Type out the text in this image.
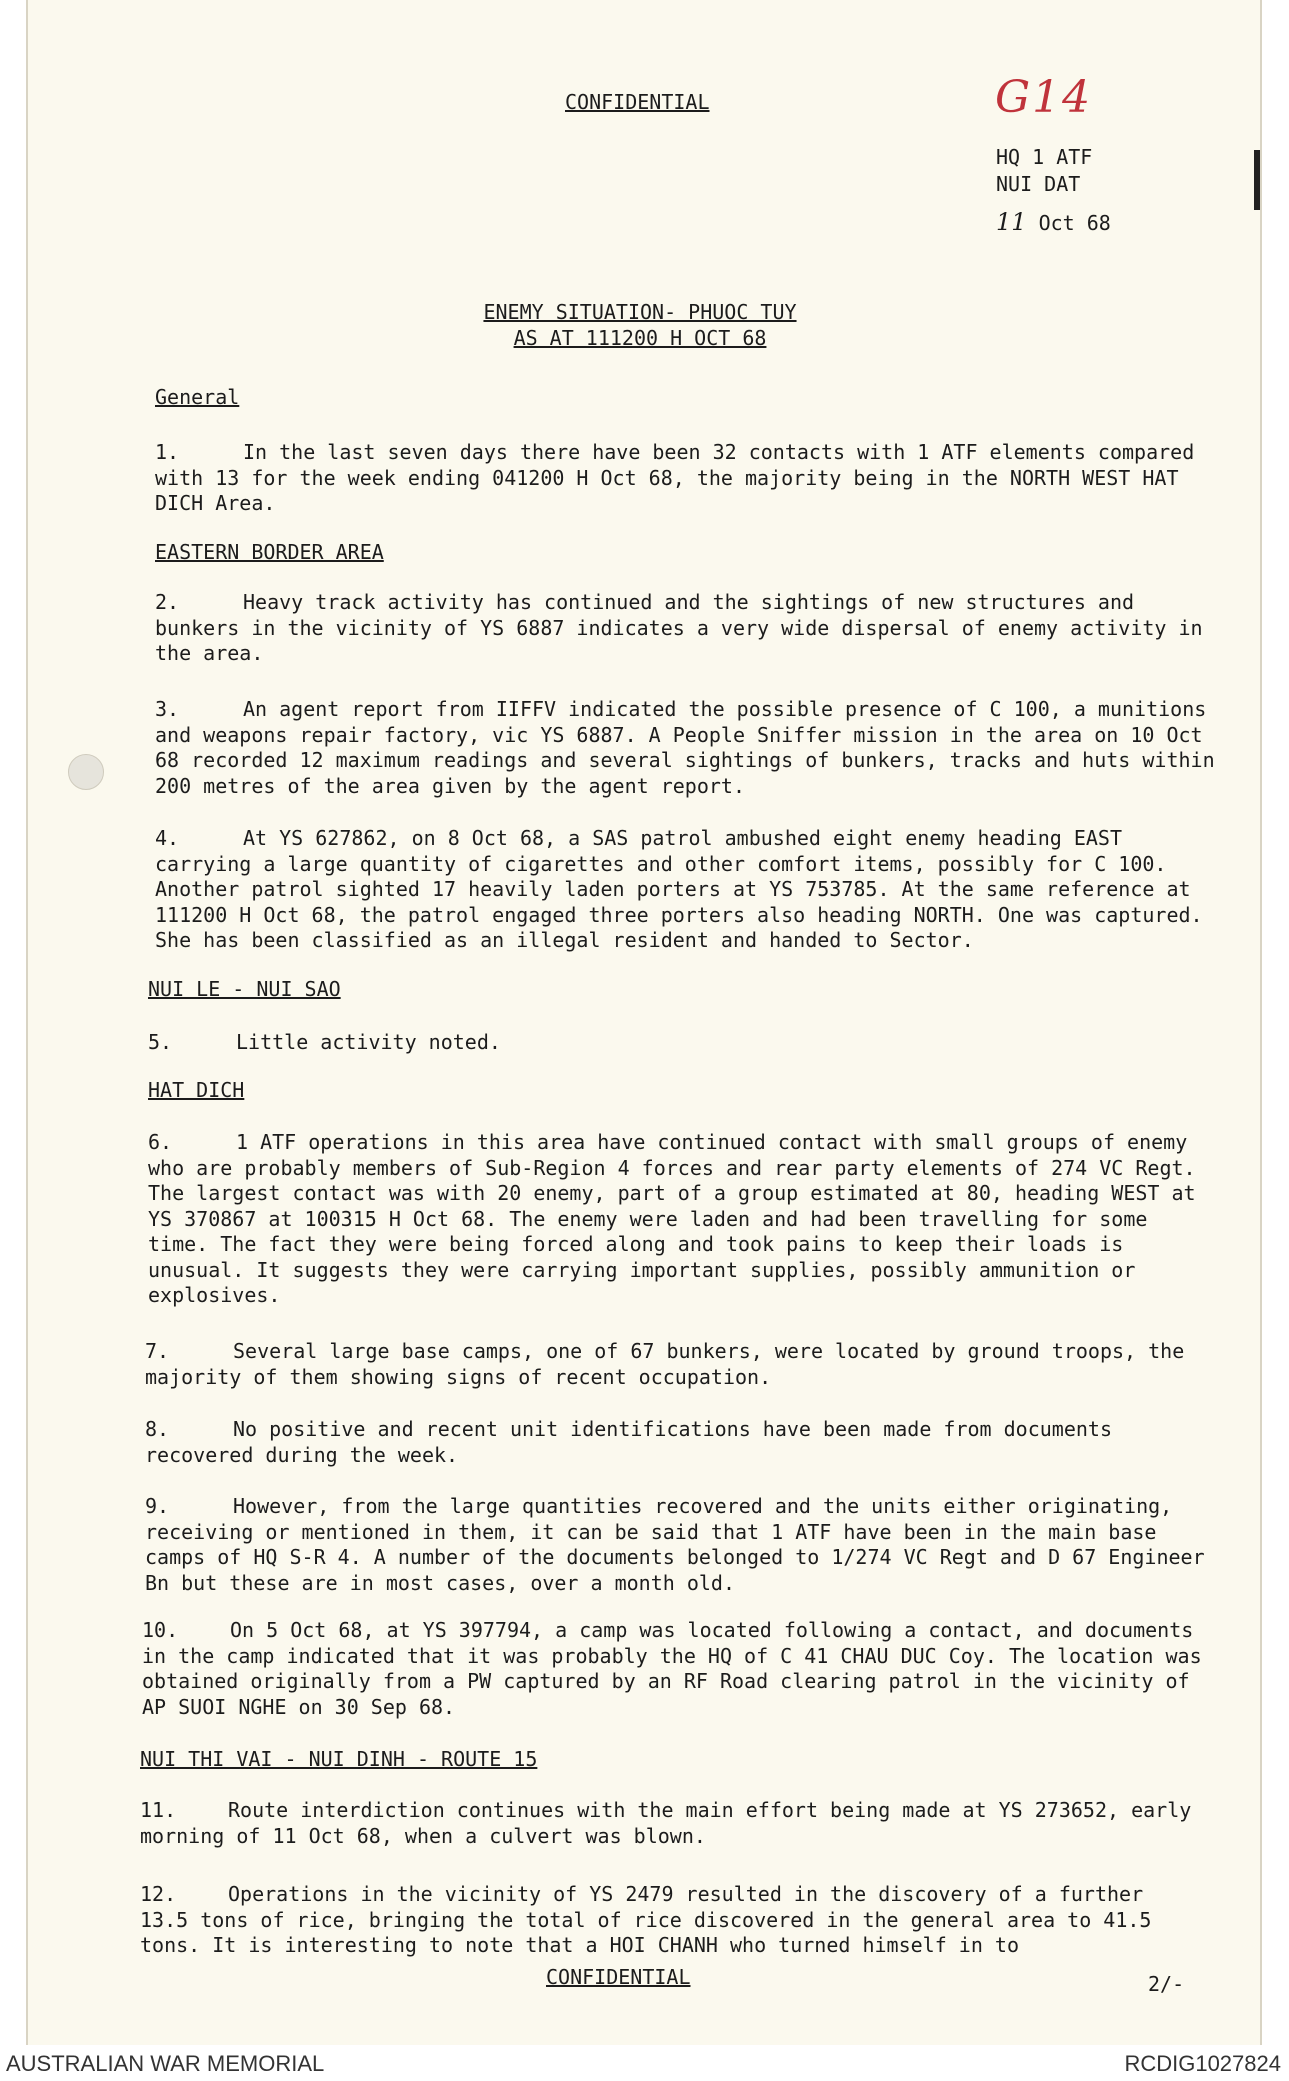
CONFIDENTIAL	G14
HQ 1 ATF
NUI DAT
11 Oct 68
ENEMY SITUATION- PHUOC TUY
AS AT 111200 H OCT 68
General
1.	In the last seven days there have been 32 contacts with 1 ATF elements compared with 13 for the week ending 041200 H Oct 68, the majority being in the NORTH WEST HAT DICH Area.
EASTERN BORDER AREA
2.	Heavy track activity has continued and the sightings of new structures and bunkers in the vicinity of YS 6887 indicates a very wide dispersal of enemy activity in the area.
3.	An agent report from IIFFV indicated the possible presence of C 100, a munitions and weapons repair factory, vic YS 6887. A People Sniffer mission in the area on 10 Oct 68 recorded 12 maximum readings and several sightings of bunkers, tracks and huts within 200 metres of the area given by the agent report.
4.	At YS 627862, on 8 Oct 68, a SAS patrol ambushed eight enemy heading EAST carrying a large quantity of cigarettes and other comfort items, possibly for C 100. Another patrol sighted 17 heavily laden porters at YS 753785. At the same reference at 111200 H Oct 68, the patrol engaged three porters also heading NORTH. One was captured. She has been classified as an illegal resident and handed to Sector.
NUI LE - NUI SAO
5.	Little activity noted.
HAT DICH
6.	1 ATF operations in this area have continued contact with small groups of enemy who are probably members of Sub-Region 4 forces and rear party elements of 274 VC Regt. The largest contact was with 20 enemy, part of a group estimated at 80, heading WEST at YS 370867 at 100315 H Oct 68. The enemy were laden and had been travelling for some time. The fact they were being forced along and took pains to keep their loads is unusual. It suggests they were carrying important supplies, possibly ammunition or explosives.
7.	Several large base camps, one of 67 bunkers, were located by ground troops, the majority of them showing signs of recent occupation.
8.	No positive and recent unit identifications have been made from documents recovered during the week.
9.	However, from the large quantities recovered and the units either originating, receiving or mentioned in them, it can be said that 1 ATF have been in the main base camps of HQ S-R 4. A number of the documents belonged to 1/274 VC Regt and D 67 Engineer Bn but these are in most cases, over a month old.
10.	On 5 Oct 68, at YS 397794, a camp was located following a contact, and documents in the camp indicated that it was probably the HQ of C 41 CHAU DUC Coy. The location was obtained originally from a PW captured by an RF Road clearing patrol in the vicinity of AP SUOI NGHE on 30 Sep 68.
NUI THI VAI - NUI DINH - ROUTE 15
11.	Route interdiction continues with the main effort being made at YS 273652, early morning of 11 Oct 68, when a culvert was blown.
12.	Operations in the vicinity of YS 2479 resulted in the discovery of a further 13.5 tons of rice, bringing the total of rice discovered in the general area to 41.5 tons. It is interesting to note that a HOI CHANH who turned himself in to
CONFIDENTIAL	2/-
AUSTRALIAN WAR MEMORIAL	RCDIG1027824
